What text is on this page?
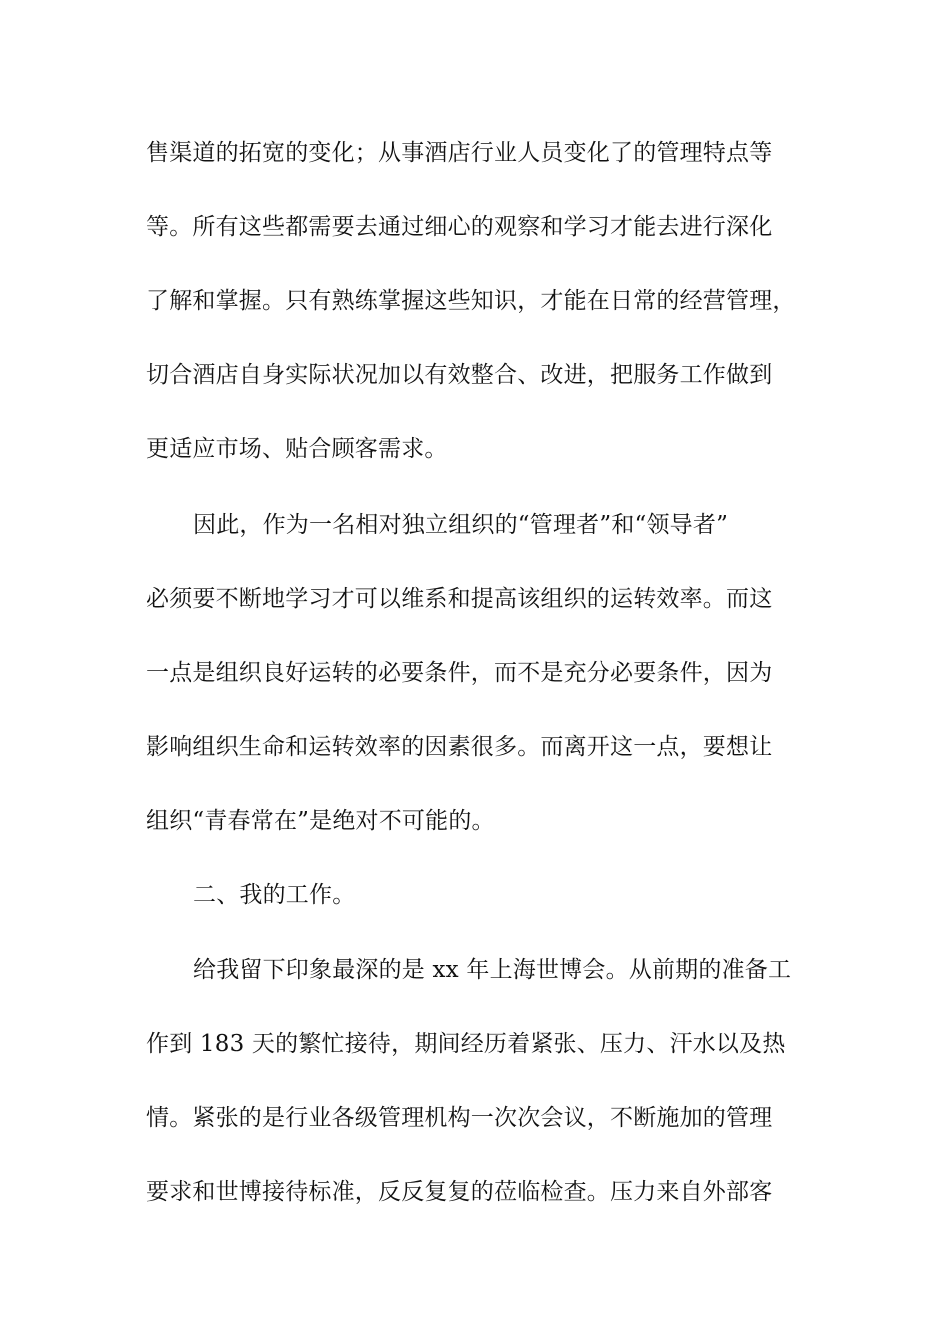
售渠道的拓宽的变化；从事酒店行业人员变化了的管理特点等
等。所有这些都需要去通过细心的观察和学习才能去进行深化
了解和掌握。只有熟练掌握这些知识，才能在日常的经营管理，
切合酒店自身实际状况加以有效整合、改进，把服务工作做到
更适应市场、贴合顾客需求。
因此，作为一名相对独立组织的“管理者”和“领导者”
必须要不断地学习才可以维系和提高该组织的运转效率。而这
一点是组织良好运转的必要条件，而不是充分必要条件，因为
影响组织生命和运转效率的因素很多。而离开这一点，要想让
组织“青春常在”是绝对不可能的。
二、我的工作。
给我留下印象最深的是 xx 年上海世博会。从前期的准备工
作到 183 天的繁忙接待，期间经历着紧张、压力、汗水以及热
情。紧张的是行业各级管理机构一次次会议，不断施加的管理
要求和世博接待标准，反反复复的莅临检查。压力来自外部客
